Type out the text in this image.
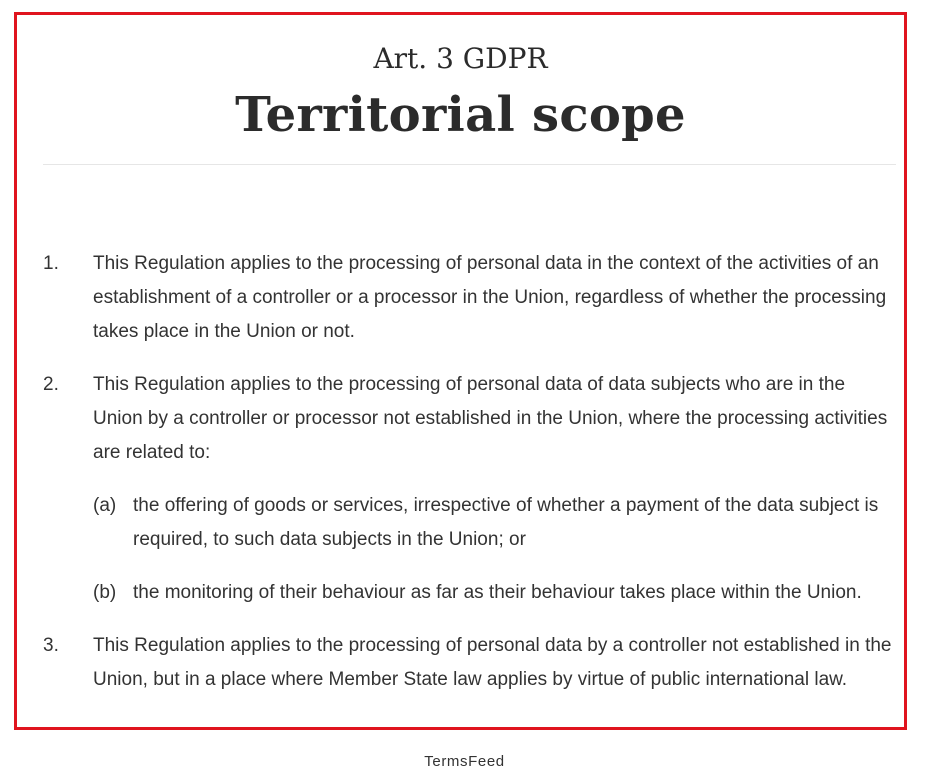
Art. 3 GDPR
Territorial scope

1. This Regulation applies to the processing of personal data in the context of the activities of an establishment of a controller or a processor in the Union, regardless of whether the processing takes place in the Union or not.

2. This Regulation applies to the processing of personal data of data subjects who are in the Union by a controller or processor not established in the Union, where the processing activities are related to:

(a) the offering of goods or services, irrespective of whether a payment of the data subject is required, to such data subjects in the Union; or

(b) the monitoring of their behaviour as far as their behaviour takes place within the Union.

3. This Regulation applies to the processing of personal data by a controller not established in the Union, but in a place where Member State law applies by virtue of public international law.

TermsFeed
